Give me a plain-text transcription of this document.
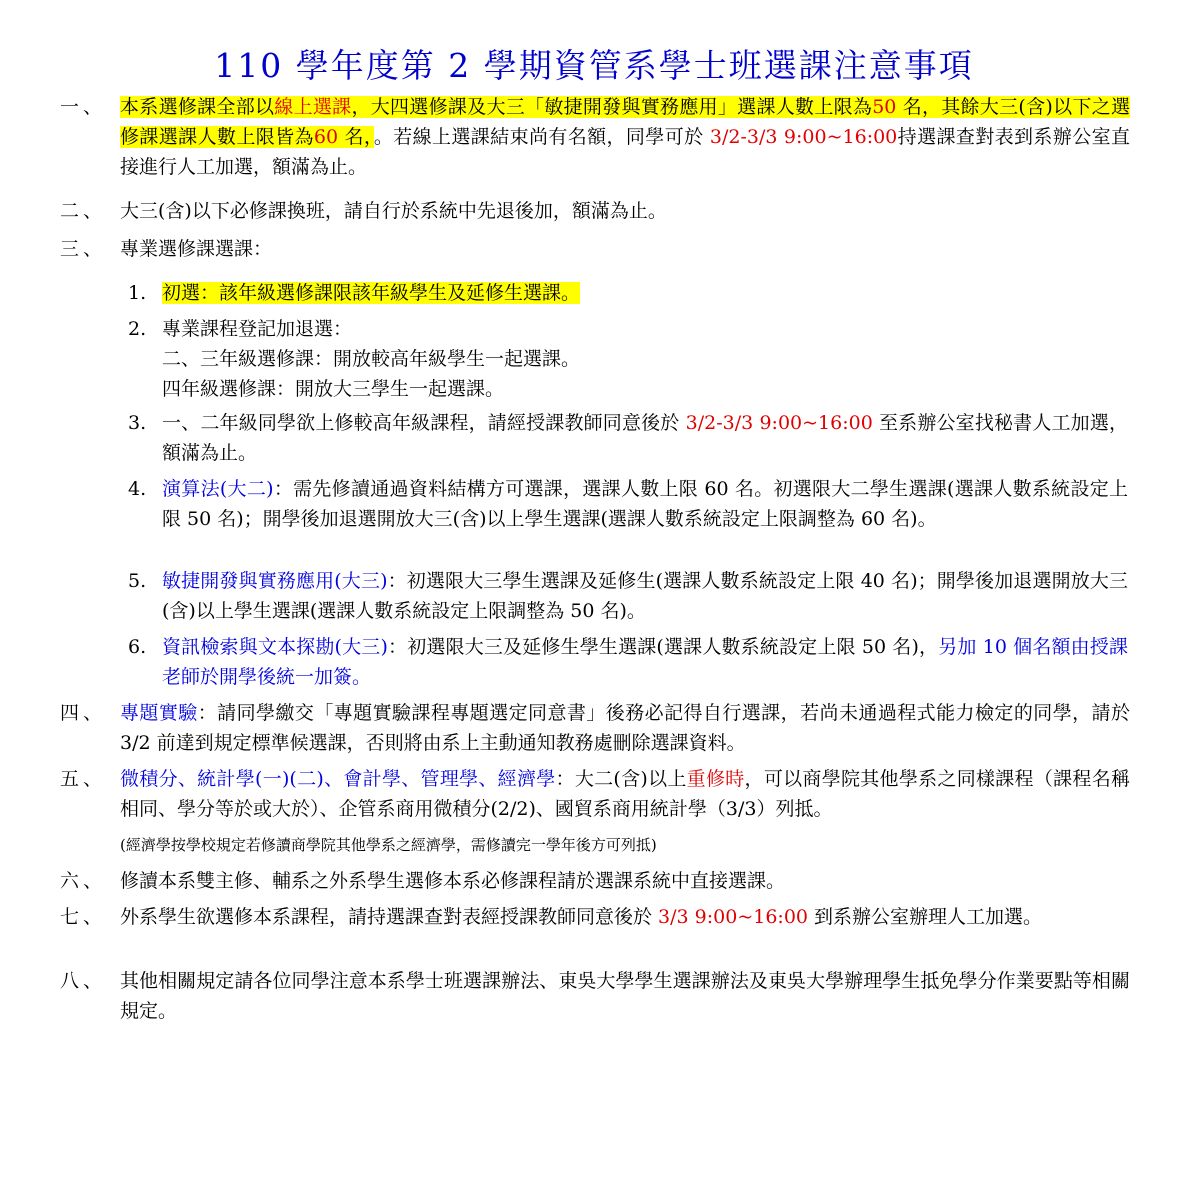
110 學年度第 2 學期資管系學士班選課注意事項
一、 本系選修課全部以線上選課，大四選修課及大三「敏捷開發與實務應用」選課人數上限為50 名，其餘大三(含)以下之選修課選課人數上限皆為60 名，。若線上選課結束尚有名額，同學可於 3/2-3/3 9:00~16:00持選課查對表到系辦公室直接進行人工加選，額滿為止。
二、 大三(含)以下必修課換班，請自行於系統中先退後加，額滿為止。
三、 專業選修課選課：
1. 初選：該年級選修課限該年級學生及延修生選課。
2. 專業課程登記加退選：
二、三年級選修課：開放較高年級學生一起選課。
四年級選修課：開放大三學生一起選課。
3. 一、二年級同學欲上修較高年級課程，請經授課教師同意後於 3/2-3/3 9:00~16:00 至系辦公室找秘書人工加選，額滿為止。
4. 演算法(大二)：需先修讀通過資料結構方可選課，選課人數上限 60 名。初選限大二學生選課(選課人數系統設定上限 50 名)；開學後加退選開放大三(含)以上學生選課(選課人數系統設定上限調整為 60 名)。
5. 敏捷開發與實務應用(大三)：初選限大三學生選課及延修生(選課人數系統設定上限 40 名)；開學後加退選開放大三(含)以上學生選課(選課人數系統設定上限調整為 50 名)。
6. 資訊檢索與文本探勘(大三)：初選限大三及延修生學生選課(選課人數系統設定上限 50 名)，另加 10 個名額由授課老師於開學後統一加簽。
四、 專題實驗：請同學繳交「專題實驗課程專題選定同意書」後務必記得自行選課，若尚未通過程式能力檢定的同學，請於 3/2 前達到規定標準候選課，否則將由系上主動通知教務處刪除選課資料。
五、 微積分、統計學(一)(二)、會計學、管理學、經濟學：大二(含)以上重修時，可以商學院其他學系之同樣課程（課程名稱相同、學分等於或大於）、企管系商用微積分(2/2)、國貿系商用統計學（3/3）列抵。
(經濟學按學校規定若修讀商學院其他學系之經濟學，需修讀完一學年後方可列抵)
六、 修讀本系雙主修、輔系之外系學生選修本系必修課程請於選課系統中直接選課。
七、 外系學生欲選修本系課程，請持選課查對表經授課教師同意後於 3/3 9:00~16:00 到系辦公室辦理人工加選。
八、 其他相關規定請各位同學注意本系學士班選課辦法、東吳大學學生選課辦法及東吳大學辦理學生抵免學分作業要點等相關規定。
